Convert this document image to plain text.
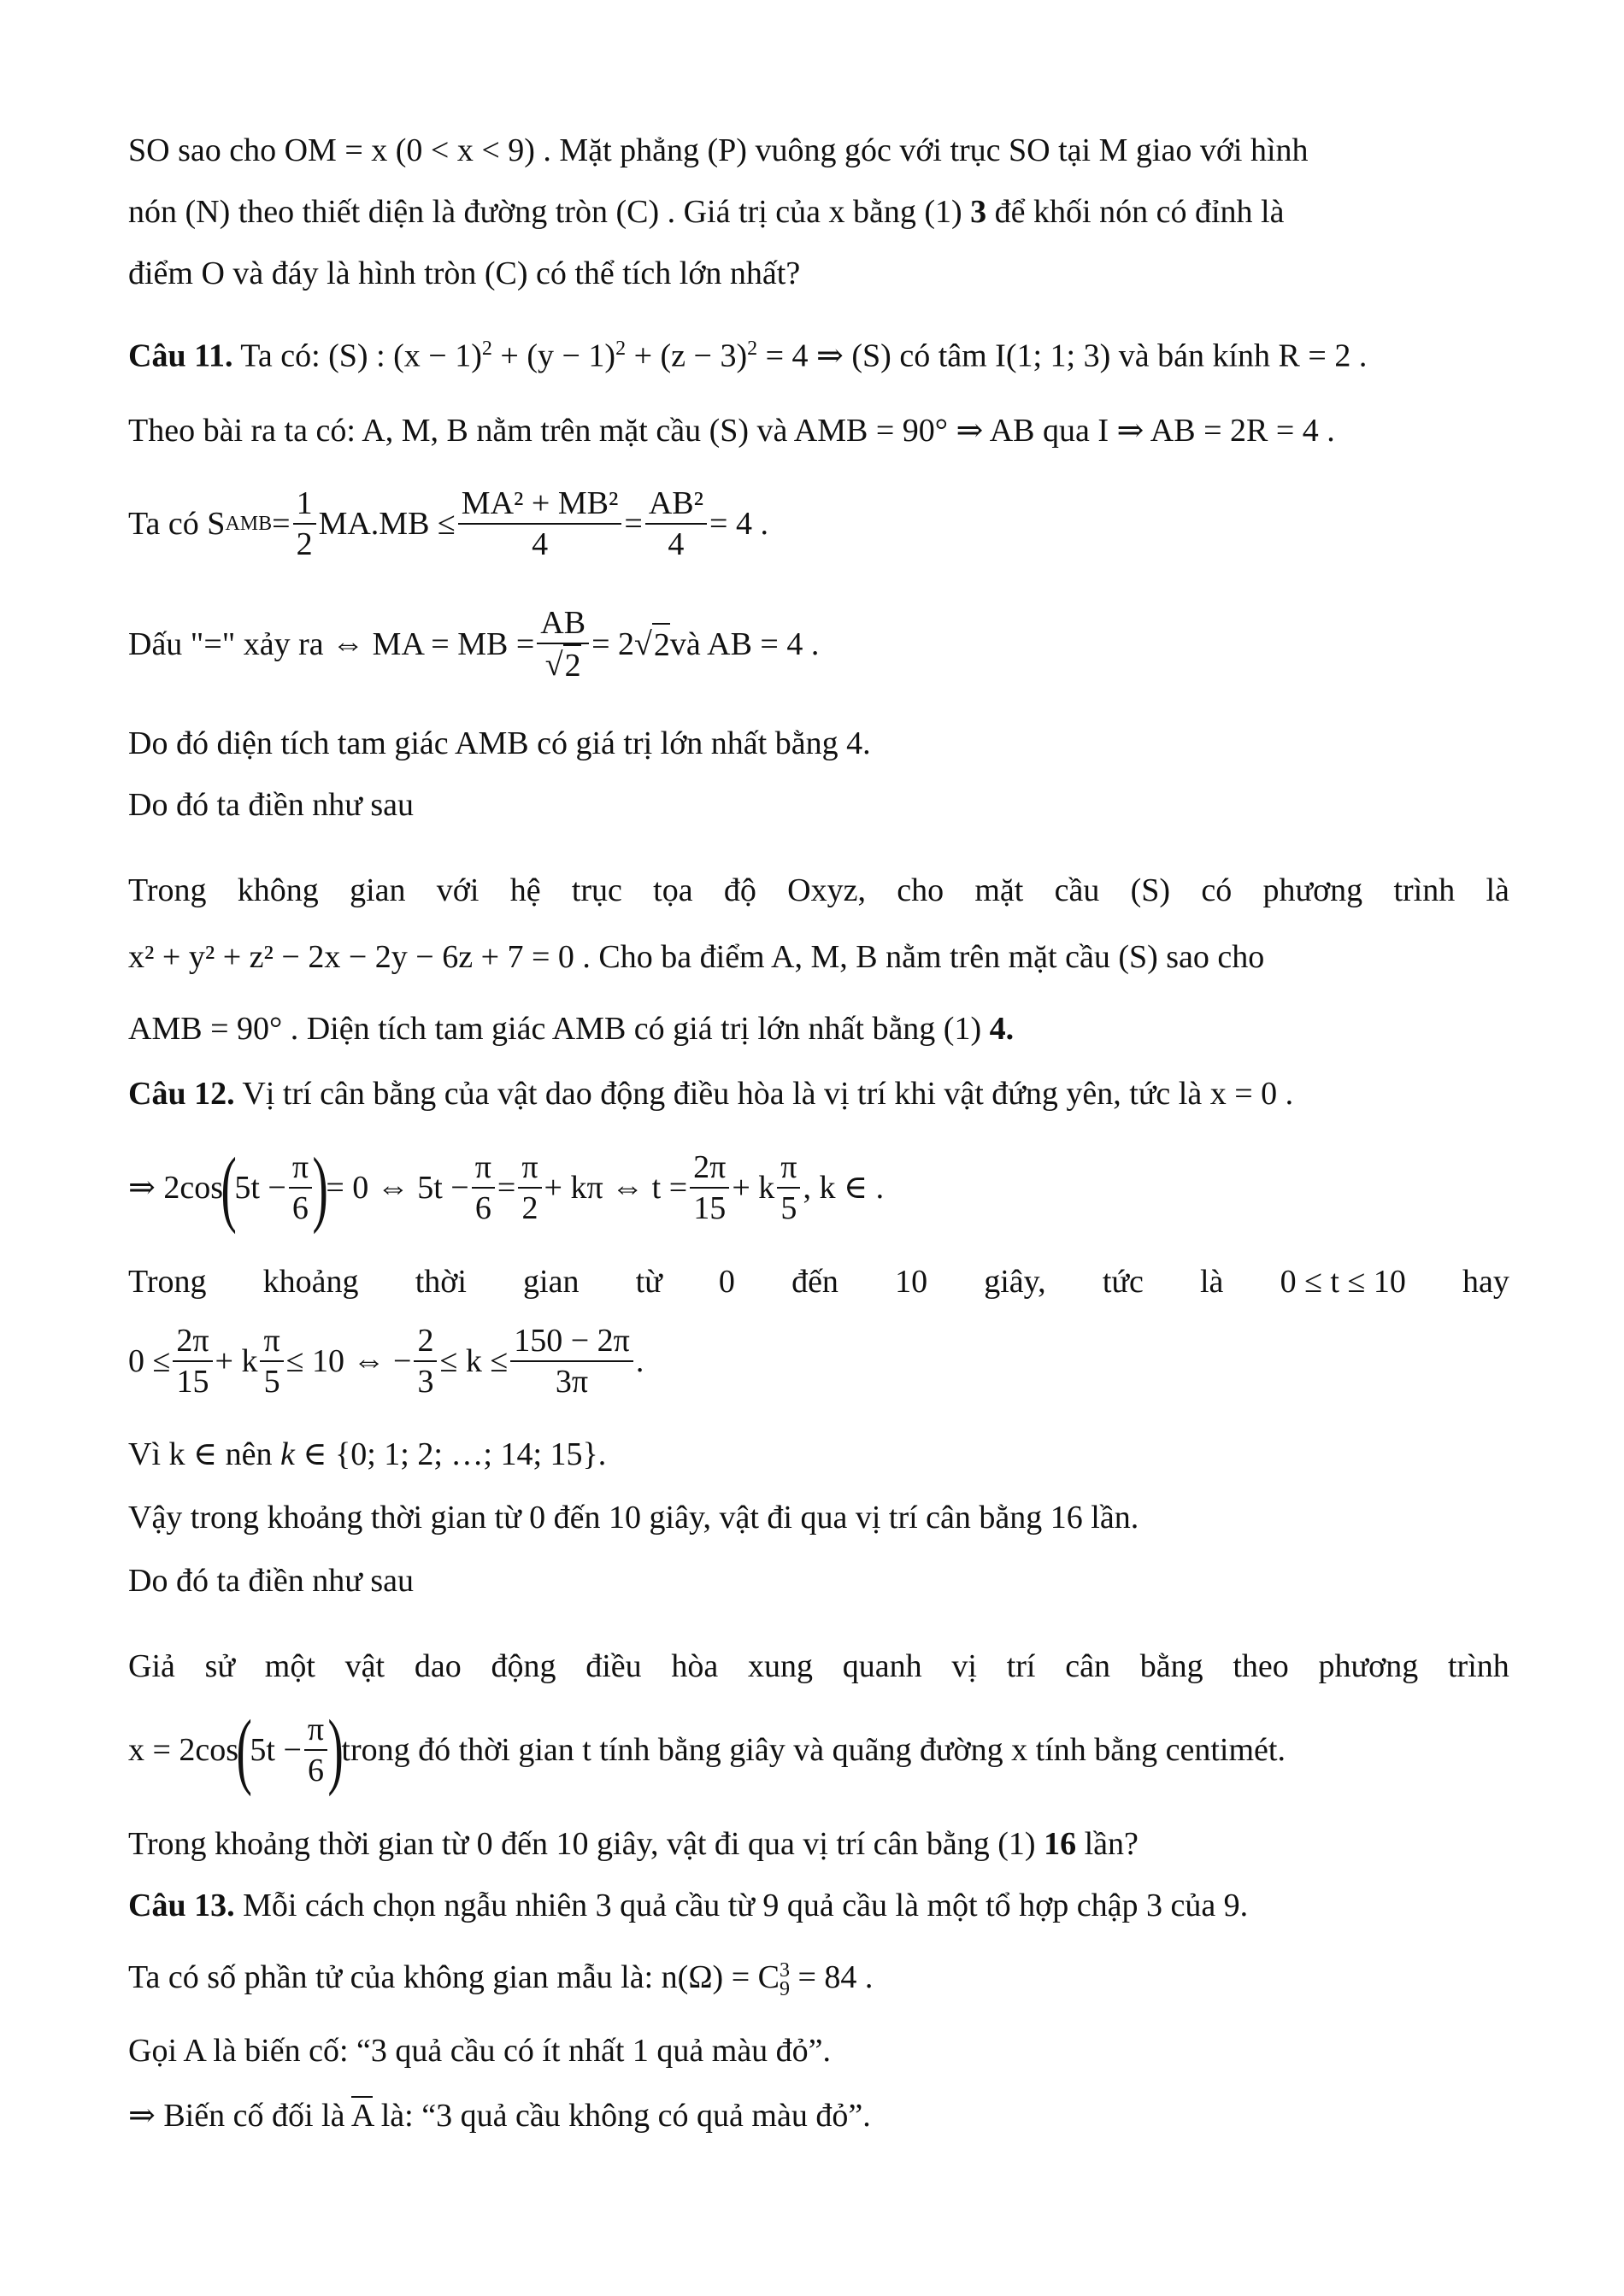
SO sao cho OM = x (0 < x < 9) . Mặt phẳng (P) vuông góc với trục SO tại M giao với hình
nón (N) theo thiết diện là đường tròn (C) . Giá trị của x bằng (1) 3 để khối nón có đỉnh là
điểm O và đáy là hình tròn (C) có thể tích lớn nhất?
Câu 11. Ta có: (S) : $(x - 1)^2 + (y - 1)^2 + (z - 3)^2 = 4$ ⇒ (S) có tâm I(1; 1; 3) và bán kính R = 2 .
Theo bài ra ta có: A, M, B nằm trên mặt cầu (S) và AMB = 90° ⇒ AB qua I ⇒ AB = 2R = 4 .
Ta có S AMB = $\frac{1}{2} MA.MB \le \frac{\text{MA² + MB²}}{4} = \frac{\text{AB²}}{4} = 4$ .
Dấu "=" xảy ra ⇔ MA = MB = $\frac{AB}{√ 2} = 2$ √ 2 và AB = 4 .
Do đó diện tích tam giác AMB có giá trị lớn nhất bằng 4.
Do đó ta điền như sau
Trong không gian với hệ trục tọa độ Oxyz, cho mặt cầu (S) có phương trình là
x² + y² + z² − 2x − 2y − 6z + 7 = 0 . Cho ba điểm A, M, B nằm trên mặt cầu (S) sao cho
AMB = 90° . Diện tích tam giác AMB có giá trị lớn nhất bằng (1) 4.
Câu 12. Vị trí cân bằng của vật dao động điều hòa là vị trí khi vật đứng yên, tức là x = 0 .
⇒ 2cos
(
$5t - \frac{\pi}{6}$ )
= 0 ⇔ $5t - \frac{\pi}{6} = \frac{\pi}{2} + k\pi$ ⇔ $t = \frac{2\pi}{15} + k \frac{\pi}{5}$ , k ∈ .
Trong khoảng thời gian từ 0 đến 10 giây, tức là 0 ≤ t ≤ 10 hay
$0 \le \frac{2\pi}{15} + k \frac{\pi}{5} \le 10$ ⇔ − $\frac{2}{3} \le k \le \frac{150 - 2\pi}{3\pi}$ .
Vì k ∈ nên k ∈ {0; 1; 2; …; 14; 15}.
Vậy trong khoảng thời gian từ 0 đến 10 giây, vật đi qua vị trí cân bằng 16 lần.
Do đó ta điền như sau
Giả sử một vật dao động điều hòa xung quanh vị trí cân bằng theo phương trình
x = 2cos
(
$5t - \frac{\pi}{6}$ )
trong đó thời gian t tính bằng giây và quãng đường x tính bằng centimét.
Trong khoảng thời gian từ 0 đến 10 giây, vật đi qua vị trí cân bằng (1) 16 lần?
Câu 13. Mỗi cách chọn ngẫu nhiên 3 quả cầu từ 9 quả cầu là một tổ hợp chập 3 của 9.
Ta có số phần tử của không gian mẫu là: n(Ω) = C 3
9 = 84 .
Gọi A là biến cố: “3 quả cầu có ít nhất 1 quả màu đỏ”.
⇒ Biến cố đối là A là: “3 quả cầu không có quả màu đỏ”.
